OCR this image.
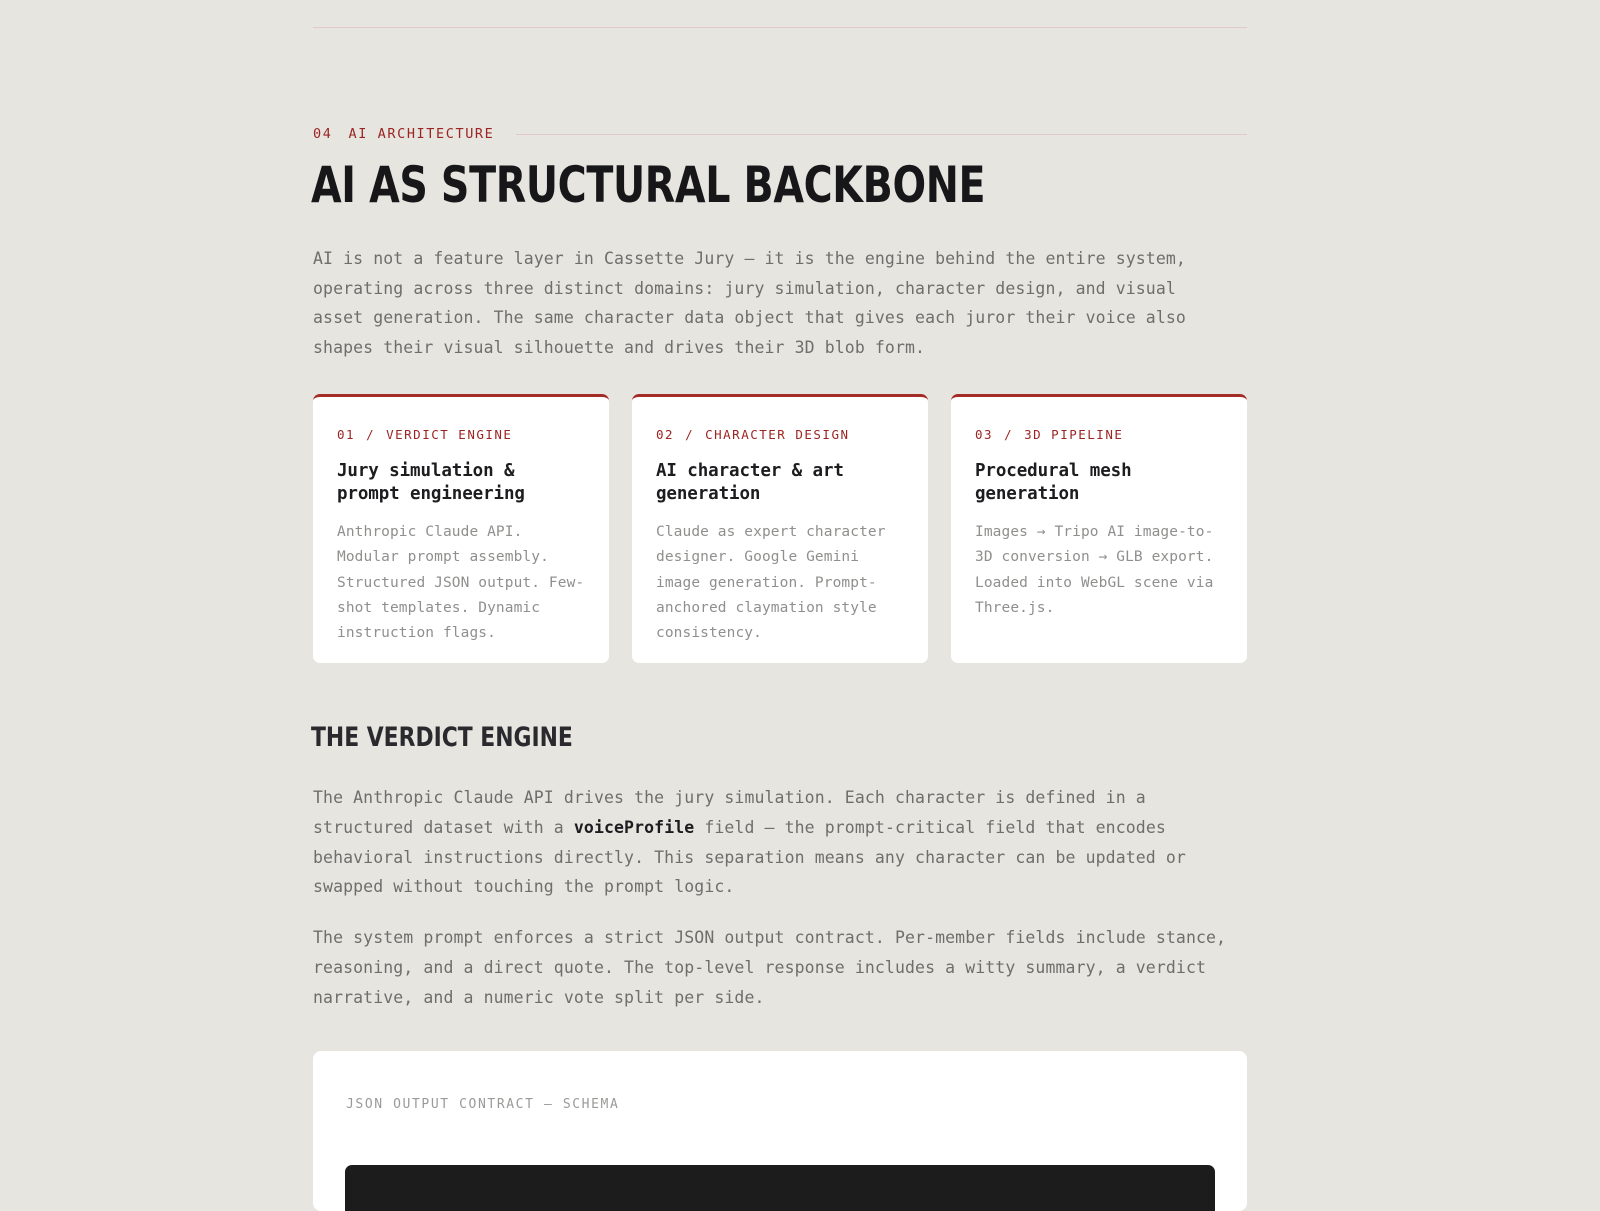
04 AI ARCHITECTURE
AI AS STRUCTURAL BACKBONE

AI is not a feature layer in Cassette Jury — it is the engine behind the entire system, operating across three distinct domains: jury simulation, character design, and visual asset generation. The same character data object that gives each juror their voice also shapes their visual silhouette and drives their 3D blob form.

01 / VERDICT ENGINE
Jury simulation & prompt engineering

Anthropic Claude API. Modular prompt assembly. Structured JSON output. Few-shot templates. Dynamic instruction flags.

02 / CHARACTER DESIGN
AI character & art generation

Claude as expert character designer. Google Gemini image generation. Prompt-anchored claymation style consistency.

03 / 3D PIPELINE
Procedural mesh generation

Images → Tripo AI image-to-3D conversion → GLB export. Loaded into WebGL scene via Three.js.

THE VERDICT ENGINE

The Anthropic Claude API drives the jury simulation. Each character is defined in a structured dataset with a voiceProfile field — the prompt-critical field that encodes behavioral instructions directly. This separation means any character can be updated or swapped without touching the prompt logic.

The system prompt enforces a strict JSON output contract. Per-member fields include stance, reasoning, and a direct quote. The top-level response includes a witty summary, a verdict narrative, and a numeric vote split per side.

JSON OUTPUT CONTRACT — SCHEMA
